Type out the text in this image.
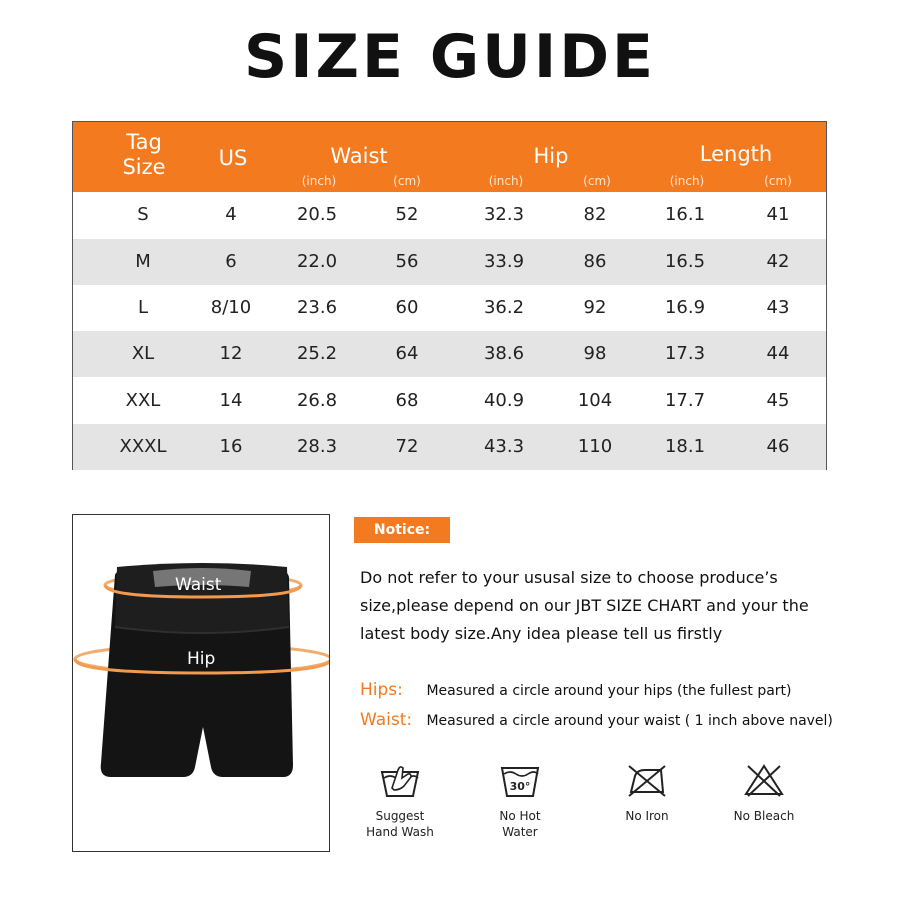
SIZE GUIDE
Tag
Size	US	Waist
(inch)	(cm)
Hip
(inch)	(cm)
Length
(inch)	(cm)
S	4	20.5	52	32.3	82	16.1	41
M	6	22.0	56	33.9	86	16.5	42
L	8/10	23.6	60	36.2	92	16.9	43
XL	12	25.2	64	38.6	98	17.3	44
XXL	14	26.8	68	40.9	104	17.7	45
XXXL	16	28.3	72	43.3	110	18.1	46
Waist
Hip
Notice:
Do not refer to your ususal size to choose produce’s
size,please depend on our JBT SIZE CHART and your the
latest body size.Any idea please tell us firstly
Hips: Measured a circle around your hips (the fullest part)
Waist: Measured a circle around your waist ( 1 inch above navel)
Suggest
Hand Wash
30°
No Hot
Water
No Iron	No Bleach
